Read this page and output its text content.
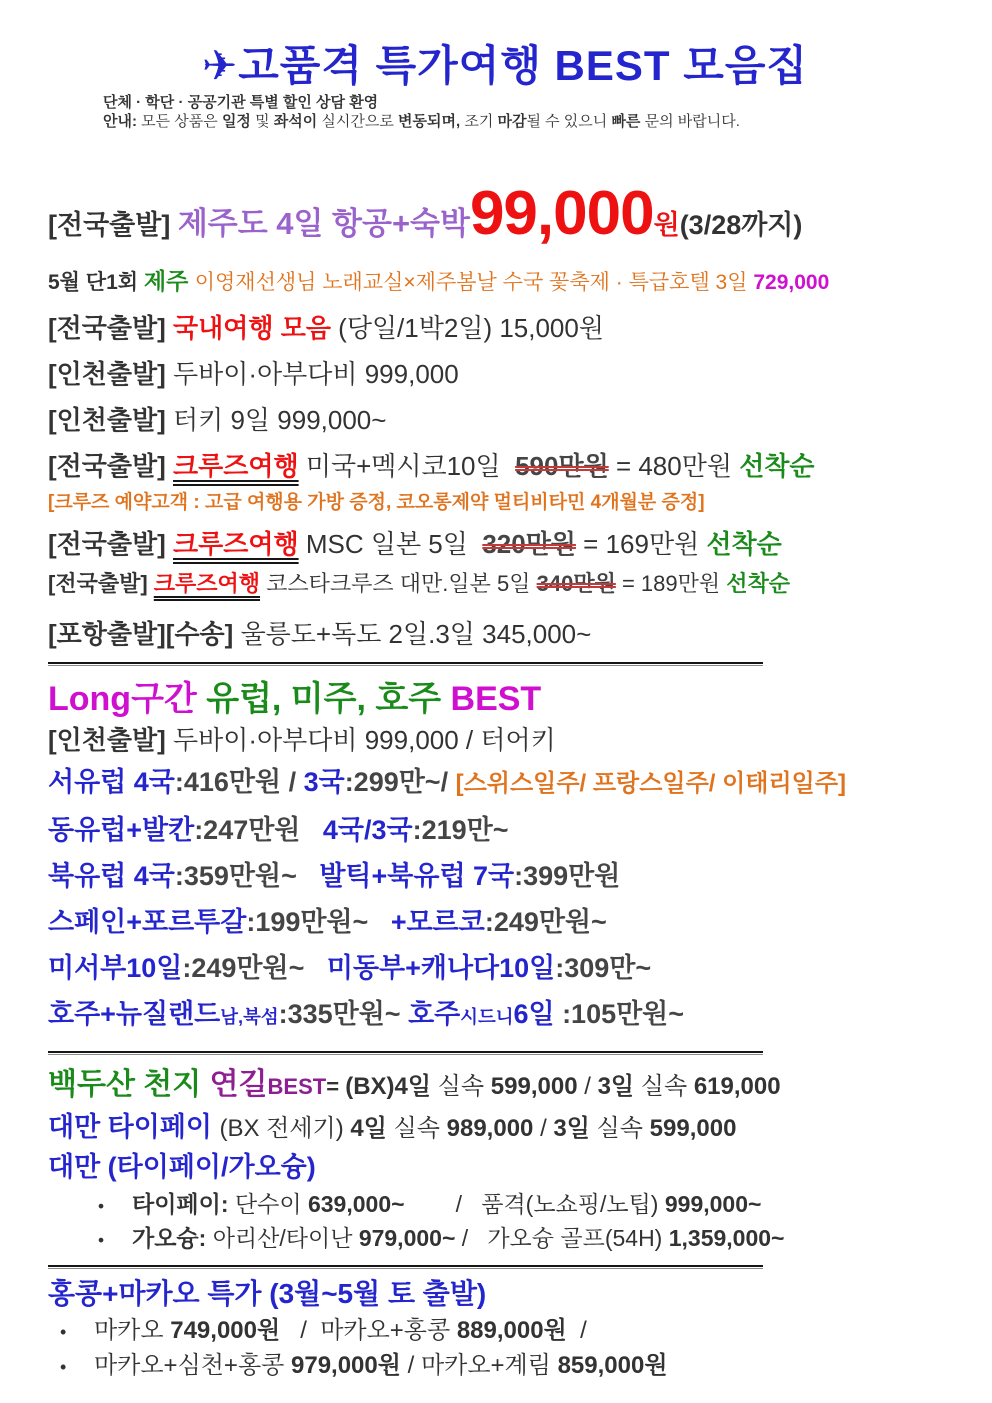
✈고품격 특가여행 BEST 모음집
단체 · 학단 · 공공기관 특별 할인 상담 환영
안내: 모든 상품은 일정 및 좌석이 실시간으로 변동되며, 조기 마감될 수 있으니 빠른 문의 바랍니다.
[전국출발] 제주도 4일 항공+숙박99,000원(3/28까지)
5월 단1회 제주 이영재선생님 노래교실×제주봄날 수국 꽃축제 · 특급호텔 3일 729,000
[전국출발] 국내여행 모음 (당일/1박2일) 15,000원
[인천출발] 두바이·아부다비 999,000
[인천출발] 터키 9일 999,000~
[전국출발] 크루즈여행 미국+멕시코10일  590만원 = 480만원 선착순
[크루즈 예약고객 : 고급 여행용 가방 증정, 코오롱제약 멀티비타민 4개월분 증정]
[전국출발] 크루즈여행 MSC 일본 5일  320만원 = 169만원 선착순
[전국출발] 크루즈여행 코스타크루즈 대만.일본 5일 340만원 = 189만원 선착순
[포항출발][수송] 울릉도+독도 2일.3일 345,000~
Long구간 유럽, 미주, 호주 BEST
[인천출발] 두바이·아부다비 999,000 / 터어키
서유럽 4국:416만원 / 3국:299만~/ [스위스일주/ 프랑스일주/ 이태리일주]
동유럽+발칸:247만원   4국/3국:219만~
북유럽 4국:359만원~   발틱+북유럽 7국:399만원
스페인+포르투갈:199만원~   +모르코:249만원~
미서부10일:249만원~   미동부+캐나다10일:309만~
호주+뉴질랜드남,북섬:335만원~ 호주시드니6일 :105만원~
백두산 천지 연길BEST= (BX)4일 실속 599,000 / 3일 실속 619,000
대만 타이페이 (BX 전세기) 4일 실속 989,000 / 3일 실속 599,000
대만 (타이페이/가오슝)
• 타이페이: 단수이 639,000~        /   품격(노쇼핑/노팁) 999,000~
• 가오슝: 아리산/타이난 979,000~ /   가오슝 골프(54H) 1,359,000~
홍콩+마카오 특가 (3월~5월 토 출발)
• 마카오 749,000원   /  마카오+홍콩 889,000원  /
• 마카오+심천+홍콩 979,000원 / 마카오+계림 859,000원
